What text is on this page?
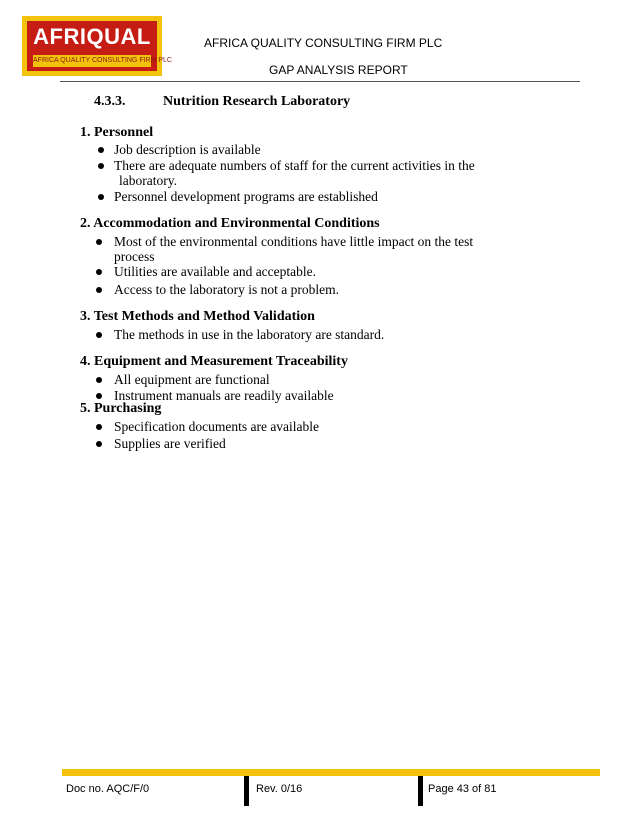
AFRIQUAL
AFRICA QUALITY CONSULTING FIRM PLC
AFRICA QUALITY CONSULTING FIRM PLC
GAP ANALYSIS REPORT
4.3.3.	Nutrition Research Laboratory
1. Personnel
Job description is available
There are adequate numbers of staff for the current activities in the
laboratory.
Personnel development programs are established
2. Accommodation and Environmental Conditions
Most of the environmental conditions have little impact on the test
process
Utilities are available and acceptable.
Access to the laboratory is not a problem.
3. Test Methods and Method Validation
The methods in use in the laboratory are standard.
4. Equipment and Measurement Traceability
All equipment are functional
Instrument manuals are readily available
5. Purchasing
Specification documents are available
Supplies are verified
Doc no. AQC/F/0	Rev. 0/16	Page 43 of 81
